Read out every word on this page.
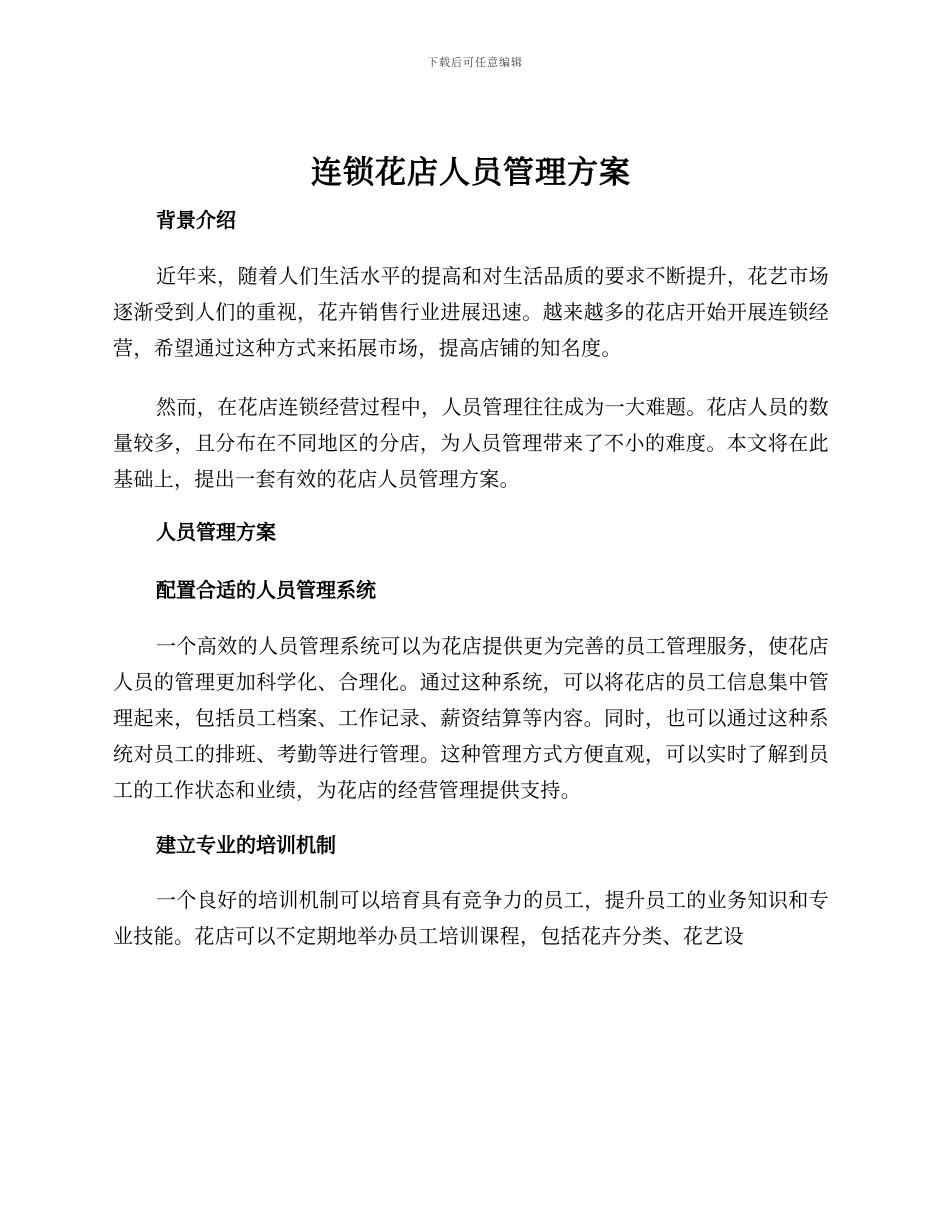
下载后可任意编辑
连锁花店人员管理方案
背景介绍

近年来，随着人们生活水平的提高和对生活品质的要求不断提升，花艺市场逐渐受到人们的重视，花卉销售行业进展迅速。越来越多的花店开始开展连锁经营，希望通过这种方式来拓展市场，提高店铺的知名度。

然而，在花店连锁经营过程中，人员管理往往成为一大难题。花店人员的数量较多，且分布在不同地区的分店，为人员管理带来了不小的难度。本文将在此基础上，提出一套有效的花店人员管理方案。

人员管理方案
配置合适的人员管理系统

一个高效的人员管理系统可以为花店提供更为完善的员工管理服务，使花店人员的管理更加科学化、合理化。通过这种系统，可以将花店的员工信息集中管理起来，包括员工档案、工作记录、薪资结算等内容。同时，也可以通过这种系统对员工的排班、考勤等进行管理。这种管理方式方便直观，可以实时了解到员工的工作状态和业绩，为花店的经营管理提供支持。

建立专业的培训机制

一个良好的培训机制可以培育具有竞争力的员工，提升员工的业务知识和专业技能。花店可以不定期地举办员工培训课程，包括花卉分类、花艺设
